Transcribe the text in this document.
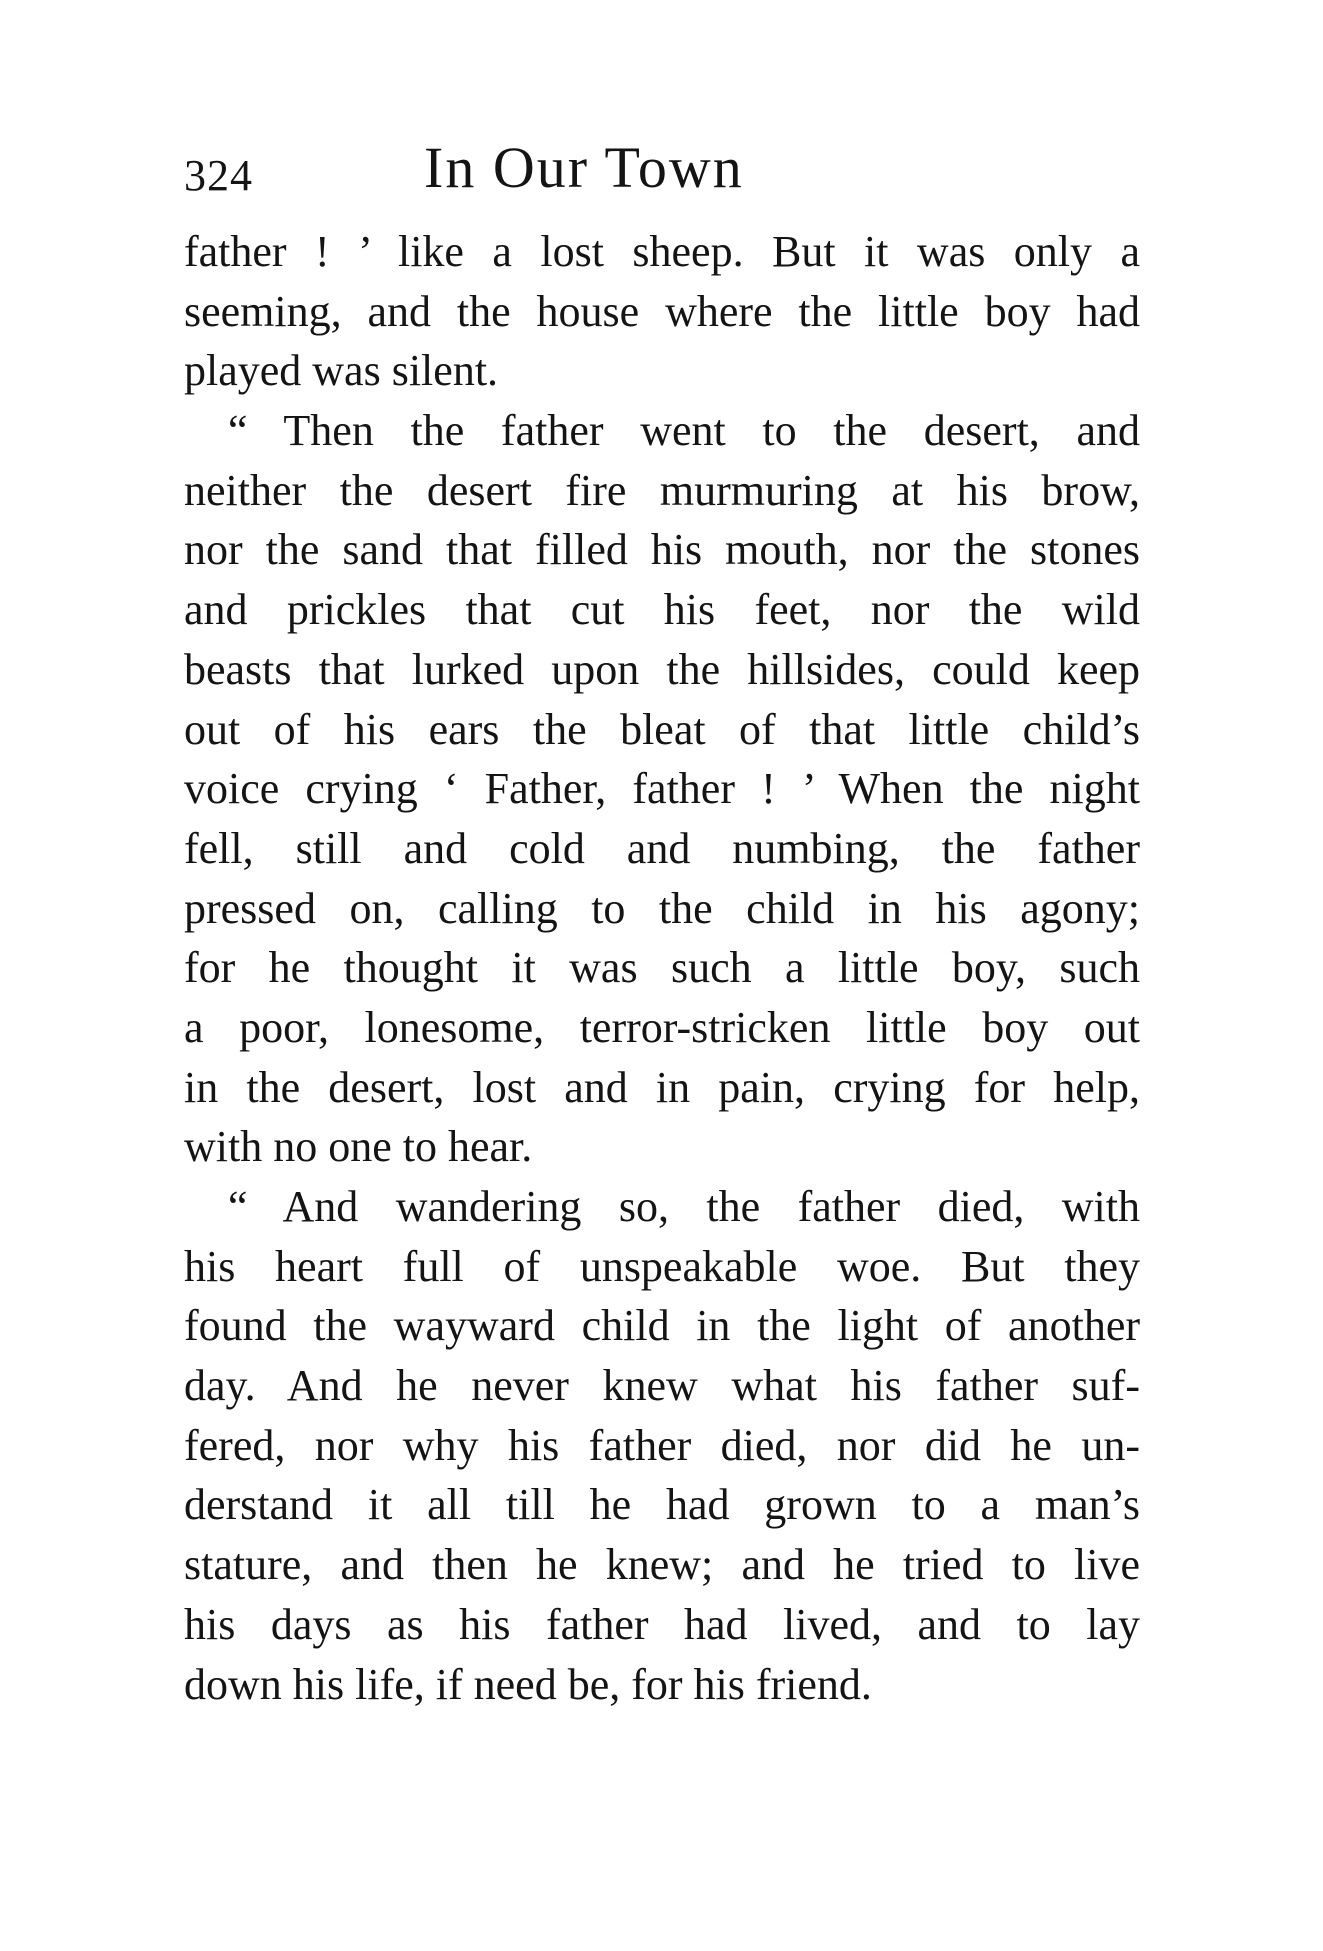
324	In Our Town
father ! ’ like a lost sheep. But it was only a
seeming, and the house where the little boy had
played was silent.
“ Then the father went to the desert, and
neither the desert fire murmuring at his brow,
nor the sand that filled his mouth, nor the stones
and prickles that cut his feet, nor the wild
beasts that lurked upon the hillsides, could keep
out of his ears the bleat of that little child’s
voice crying ‘ Father, father ! ’ When the night
fell, still and cold and numbing, the father
pressed on, calling to the child in his agony;
for he thought it was such a little boy, such
a poor, lonesome, terror-stricken little boy out
in the desert, lost and in pain, crying for help,
with no one to hear.
“ And wandering so, the father died, with
his heart full of unspeakable woe. But they
found the wayward child in the light of another
day. And he never knew what his father suf-
fered, nor why his father died, nor did he un-
derstand it all till he had grown to a man’s
stature, and then he knew; and he tried to live
his days as his father had lived, and to lay
down his life, if need be, for his friend.
